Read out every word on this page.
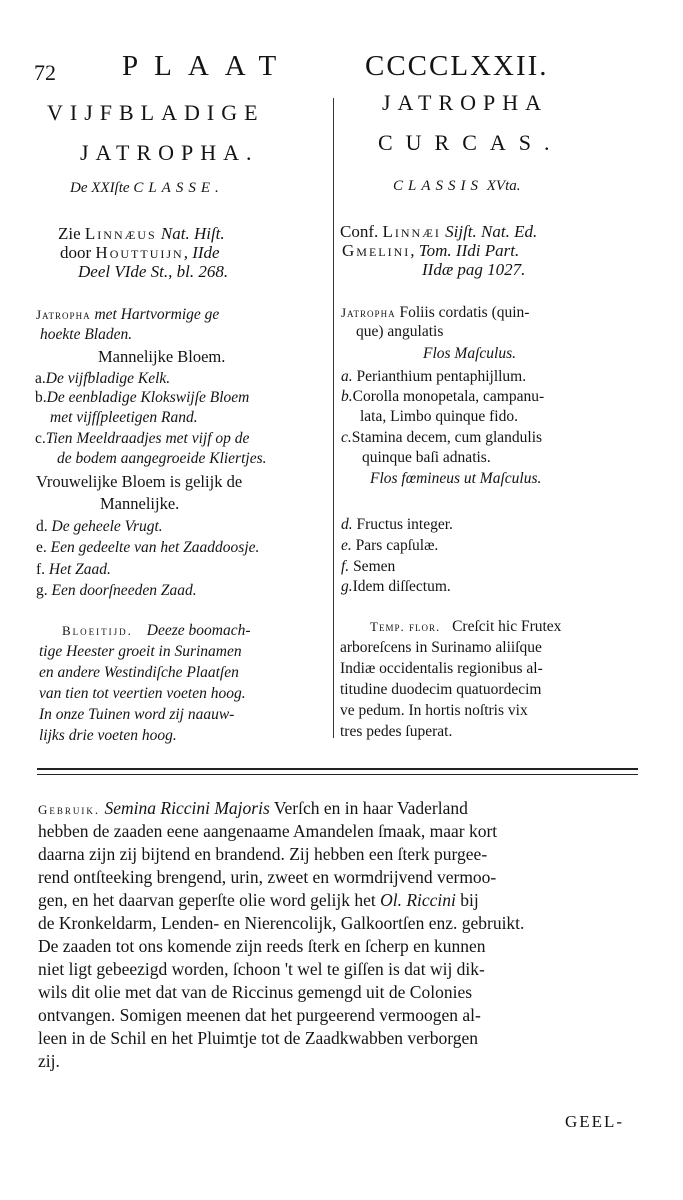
72 PLAAT	CCCCLXXII.
VIJFBLADIGE
JATROPHA.
De XXIſte CLASSE.
Zie Linnæus Nat. Hiſt.
door Houttuijn, IIde
Deel VIde St., bl. 268.
Jatropha met Hartvormige ge
hoekte Bladen.
Mannelijke Bloem.
a.De vijfbladige Kelk.
b.De eenbladige Klokswijſe Bloem
met vijfſpleetigen Rand.
c.Tien Meeldraadjes met vijf op de
de bodem aangegroeide Kliertjes.
Vrouwelijke Bloem is gelijk de
Mannelijke.
d. De geheele Vrugt.
e. Een gedeelte van het Zaaddoosje.
f. Het Zaad.
g. Een doorſneeden Zaad.
Bloeitijd. Deeze boomach-
tige Heester groeit in Surinamen
en andere Westindiſche Plaatſen
van tien tot veertien voeten hoog.
In onze Tuinen word zij naauw-
lijks drie voeten hoog.
JATROPHA
CURCAS.
CLASSIS XVta.
Conf. Linnæi Sijſt. Nat. Ed.
Gmelini, Tom. IIdi Part.
IIdæ pag 1027.
Jatropha Foliis cordatis (quin-
que) angulatis
Flos Maſculus.
a. Perianthium pentaphijllum.
b.Corolla monopetala, campanu-
lata, Limbo quinque fido.
c.Stamina decem, cum glandulis
quinque baſi adnatis.
Flos fœmineus ut Maſculus.
d. Fructus integer.
e. Pars capſulæ.
f. Semen
g.Idem diſſectum.
Temp. flor. Creſcit hic Frutex
arboreſcens in Surinamo aliiſque
Indiæ occidentalis regionibus al-
titudine duodecim quatuordecim
ve pedum. In hortis noſtris vix
tres pedes ſuperat.
Gebruik. Semina Riccini Majoris Verſch en in haar Vaderland
hebben de zaaden eene aangenaame Amandelen ſmaak, maar kort
daarna zijn zij bijtend en brandend. Zij hebben een ſterk purgee-
rend ontſteeking brengend, urin, zweet en wormdrijvend vermoo-
gen, en het daarvan geperſte olie word gelijk het Ol. Riccini bij
de Kronkeldarm, Lenden- en Nierencolijk, Galkoortſen enz. gebruikt.
De zaaden tot ons komende zijn reeds ſterk en ſcherp en kunnen
niet ligt gebeezigd worden, ſchoon 't wel te giſſen is dat wij dik-
wils dit olie met dat van de Riccinus gemengd uit de Colonies
ontvangen. Somigen meenen dat het purgeerend vermoogen al-
leen in de Schil en het Pluimtje tot de Zaadkwabben verborgen
zij.
GEEL-
